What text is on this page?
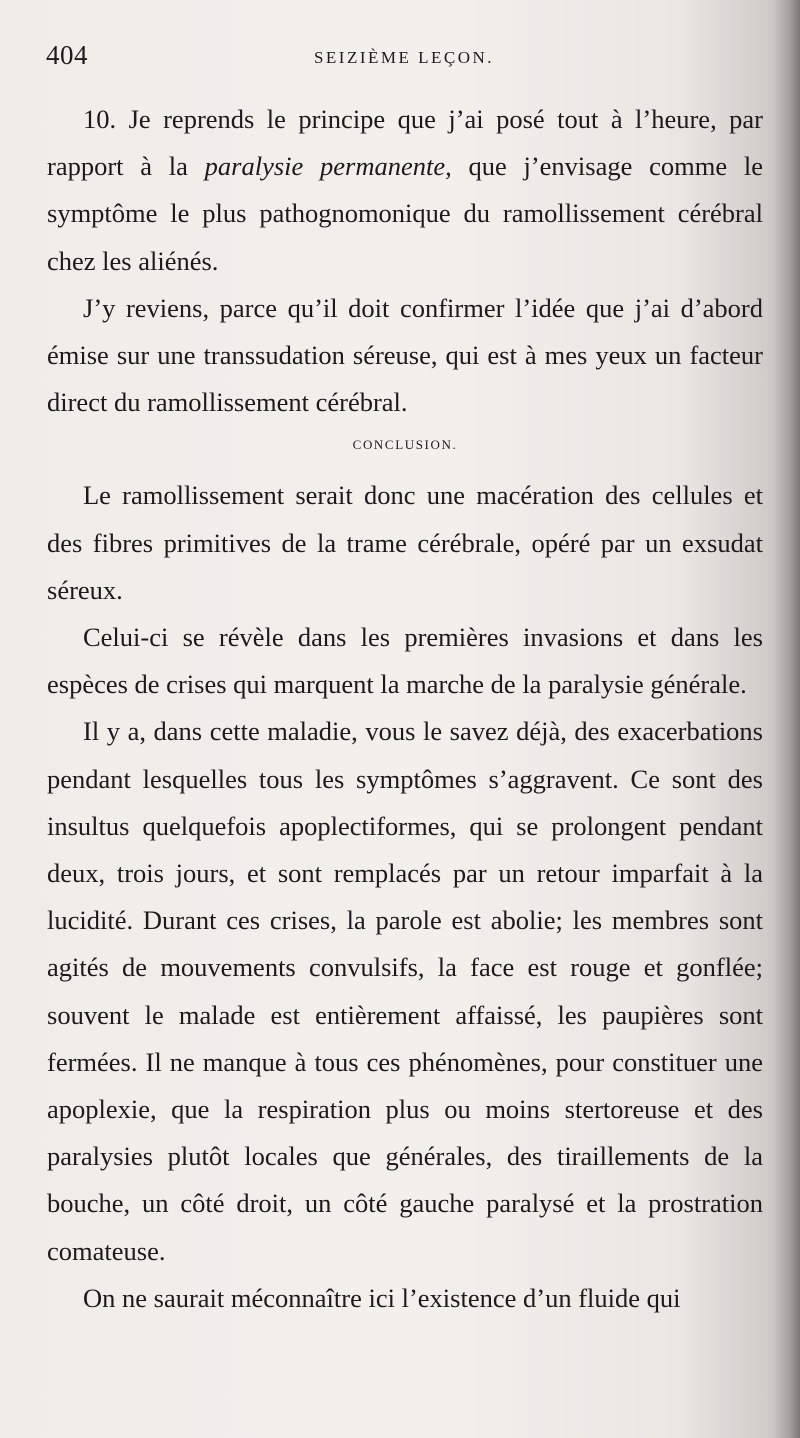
404	SEIZIÈME LEÇON.

10. Je reprends le principe que j’ai posé tout à l’heure, par rapport à la paralysie permanente, que j’envisage comme le symptôme le plus pathognomonique du ramollissement cérébral chez les aliénés.

J’y reviens, parce qu’il doit confirmer l’idée que j’ai d’abord émise sur une transsudation séreuse, qui est à mes yeux un facteur direct du ramollissement cérébral.

CONCLUSION.

Le ramollissement serait donc une macération des cellules et des fibres primitives de la trame cérébrale, opéré par un exsudat séreux.

Celui-ci se révèle dans les premières invasions et dans les espèces de crises qui marquent la marche de la paralysie générale.

Il y a, dans cette maladie, vous le savez déjà, des exacerbations pendant lesquelles tous les symptômes s’aggravent. Ce sont des insultus quelquefois apoplectiformes, qui se prolongent pendant deux, trois jours, et sont remplacés par un retour imparfait à la lucidité. Durant ces crises, la parole est abolie; les membres sont agités de mouvements convulsifs, la face est rouge et gonflée; souvent le malade est entièrement affaissé, les paupières sont fermées. Il ne manque à tous ces phénomènes, pour constituer une apoplexie, que la respiration plus ou moins stertoreuse et des paralysies plutôt locales que générales, des tiraillements de la bouche, un côté droit, un côté gauche paralysé et la prostration comateuse.

On ne saurait méconnaître ici l’existence d’un fluide qui
